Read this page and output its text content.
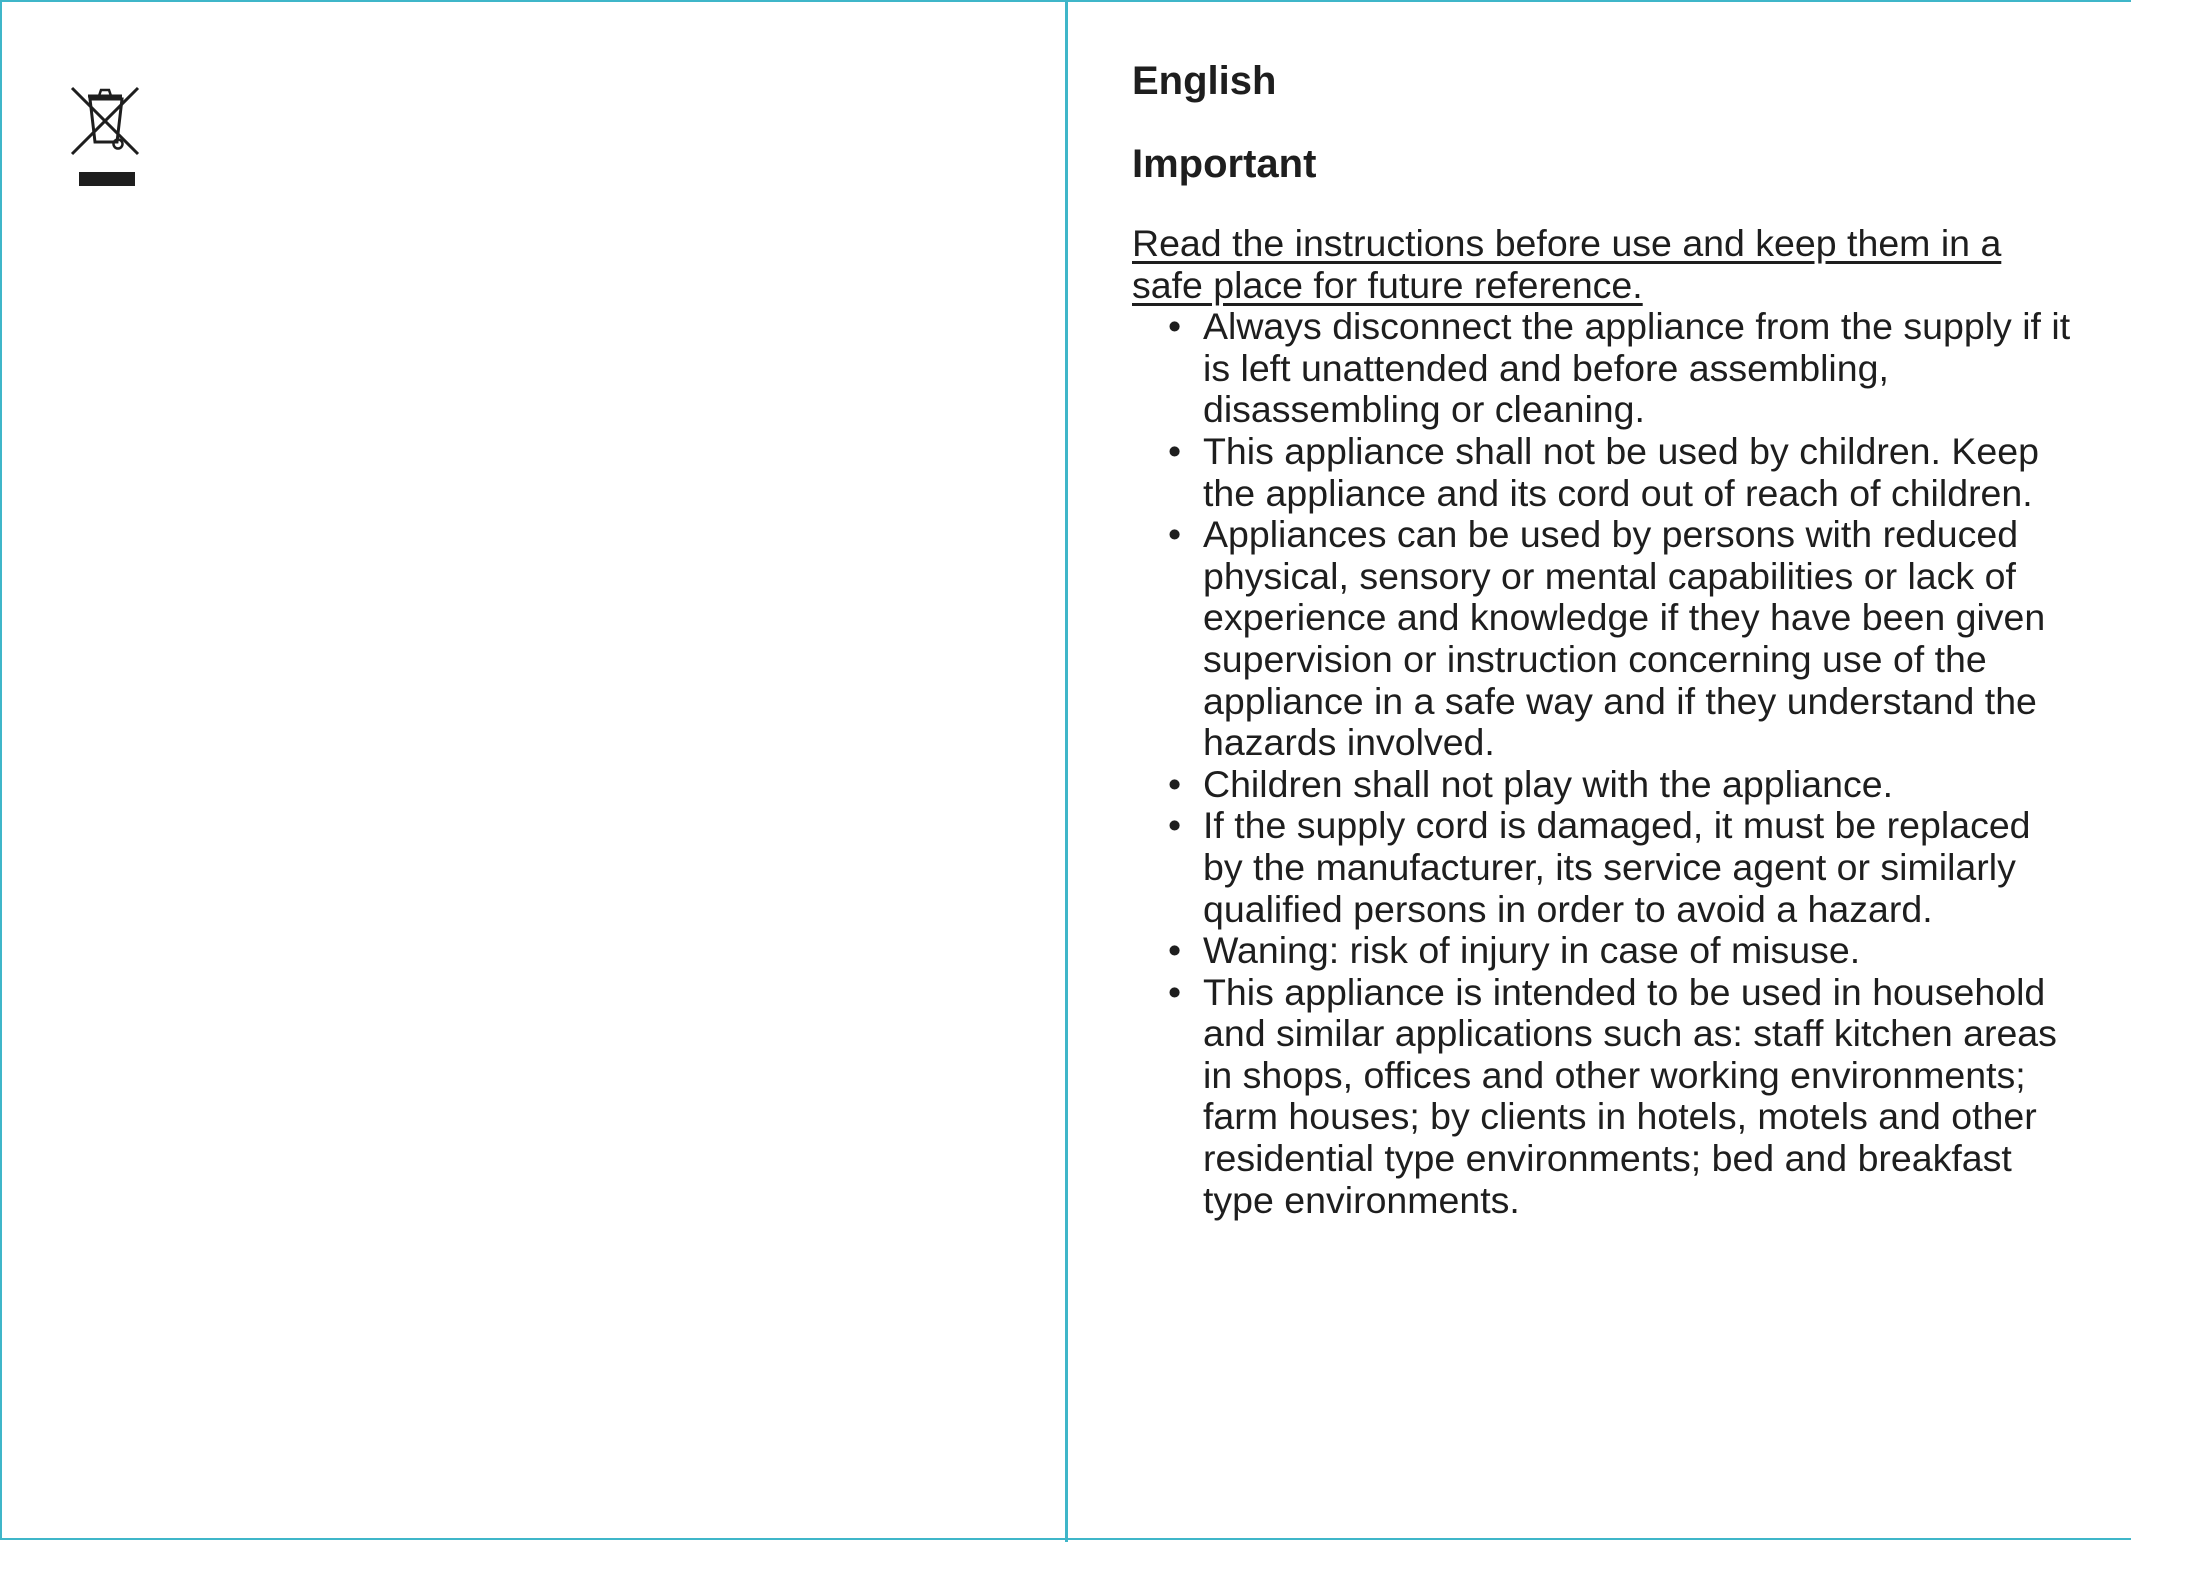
English

Important

Read the instructions before use and keep them in a safe place for future reference.

• Always disconnect the appliance from the supply if it is left unattended and before assembling, disassembling or cleaning.
• This appliance shall not be used by children. Keep the appliance and its cord out of reach of children.
• Appliances can be used by persons with reduced physical, sensory or mental capabilities or lack of experience and knowledge if they have been given supervision or instruction concerning use of the appliance in a safe way and if they understand the hazards involved.
• Children shall not play with the appliance.
• If the supply cord is damaged, it must be replaced by the manufacturer, its service agent or similarly qualified persons in order to avoid a hazard.
• Waning: risk of injury in case of misuse.
• This appliance is intended to be used in household and similar applications such as: staff kitchen areas in shops, offices and other working environments; farm houses; by clients in hotels, motels and other residential type environments; bed and breakfast type environments.
